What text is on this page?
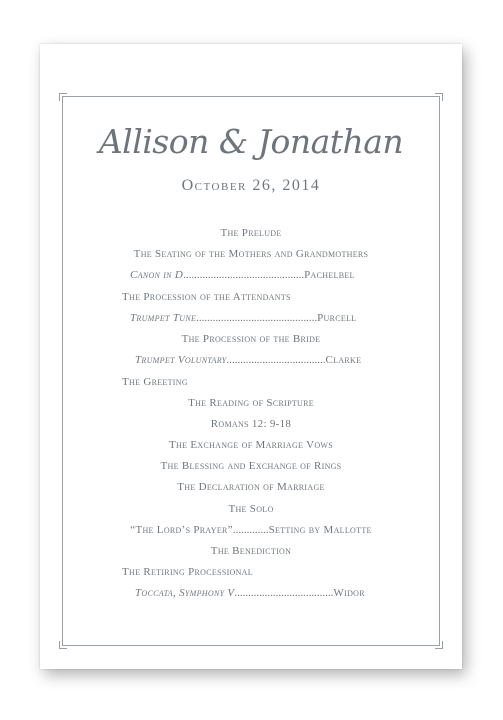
Allison & Jonathan
October 26, 2014
The Prelude
The Seating of the Mothers and Grandmothers
Canon in D............................................Pachelbel
The Procession of the Attendants
Trumpet Tune............................................Purcell
The Procession of the Bride
Trumpet Voluntary....................................Clarke
The Greeting
The Reading of Scripture
Romans 12: 9-18
The Exchange of Marriage Vows
The Blessing and Exchange of Rings
The Declaration of Marriage
The Solo
“The Lord’s Prayer”.............Setting by Mallotte
The Benediction
The Retiring Processional
Toccata, Symphony V....................................Widor
